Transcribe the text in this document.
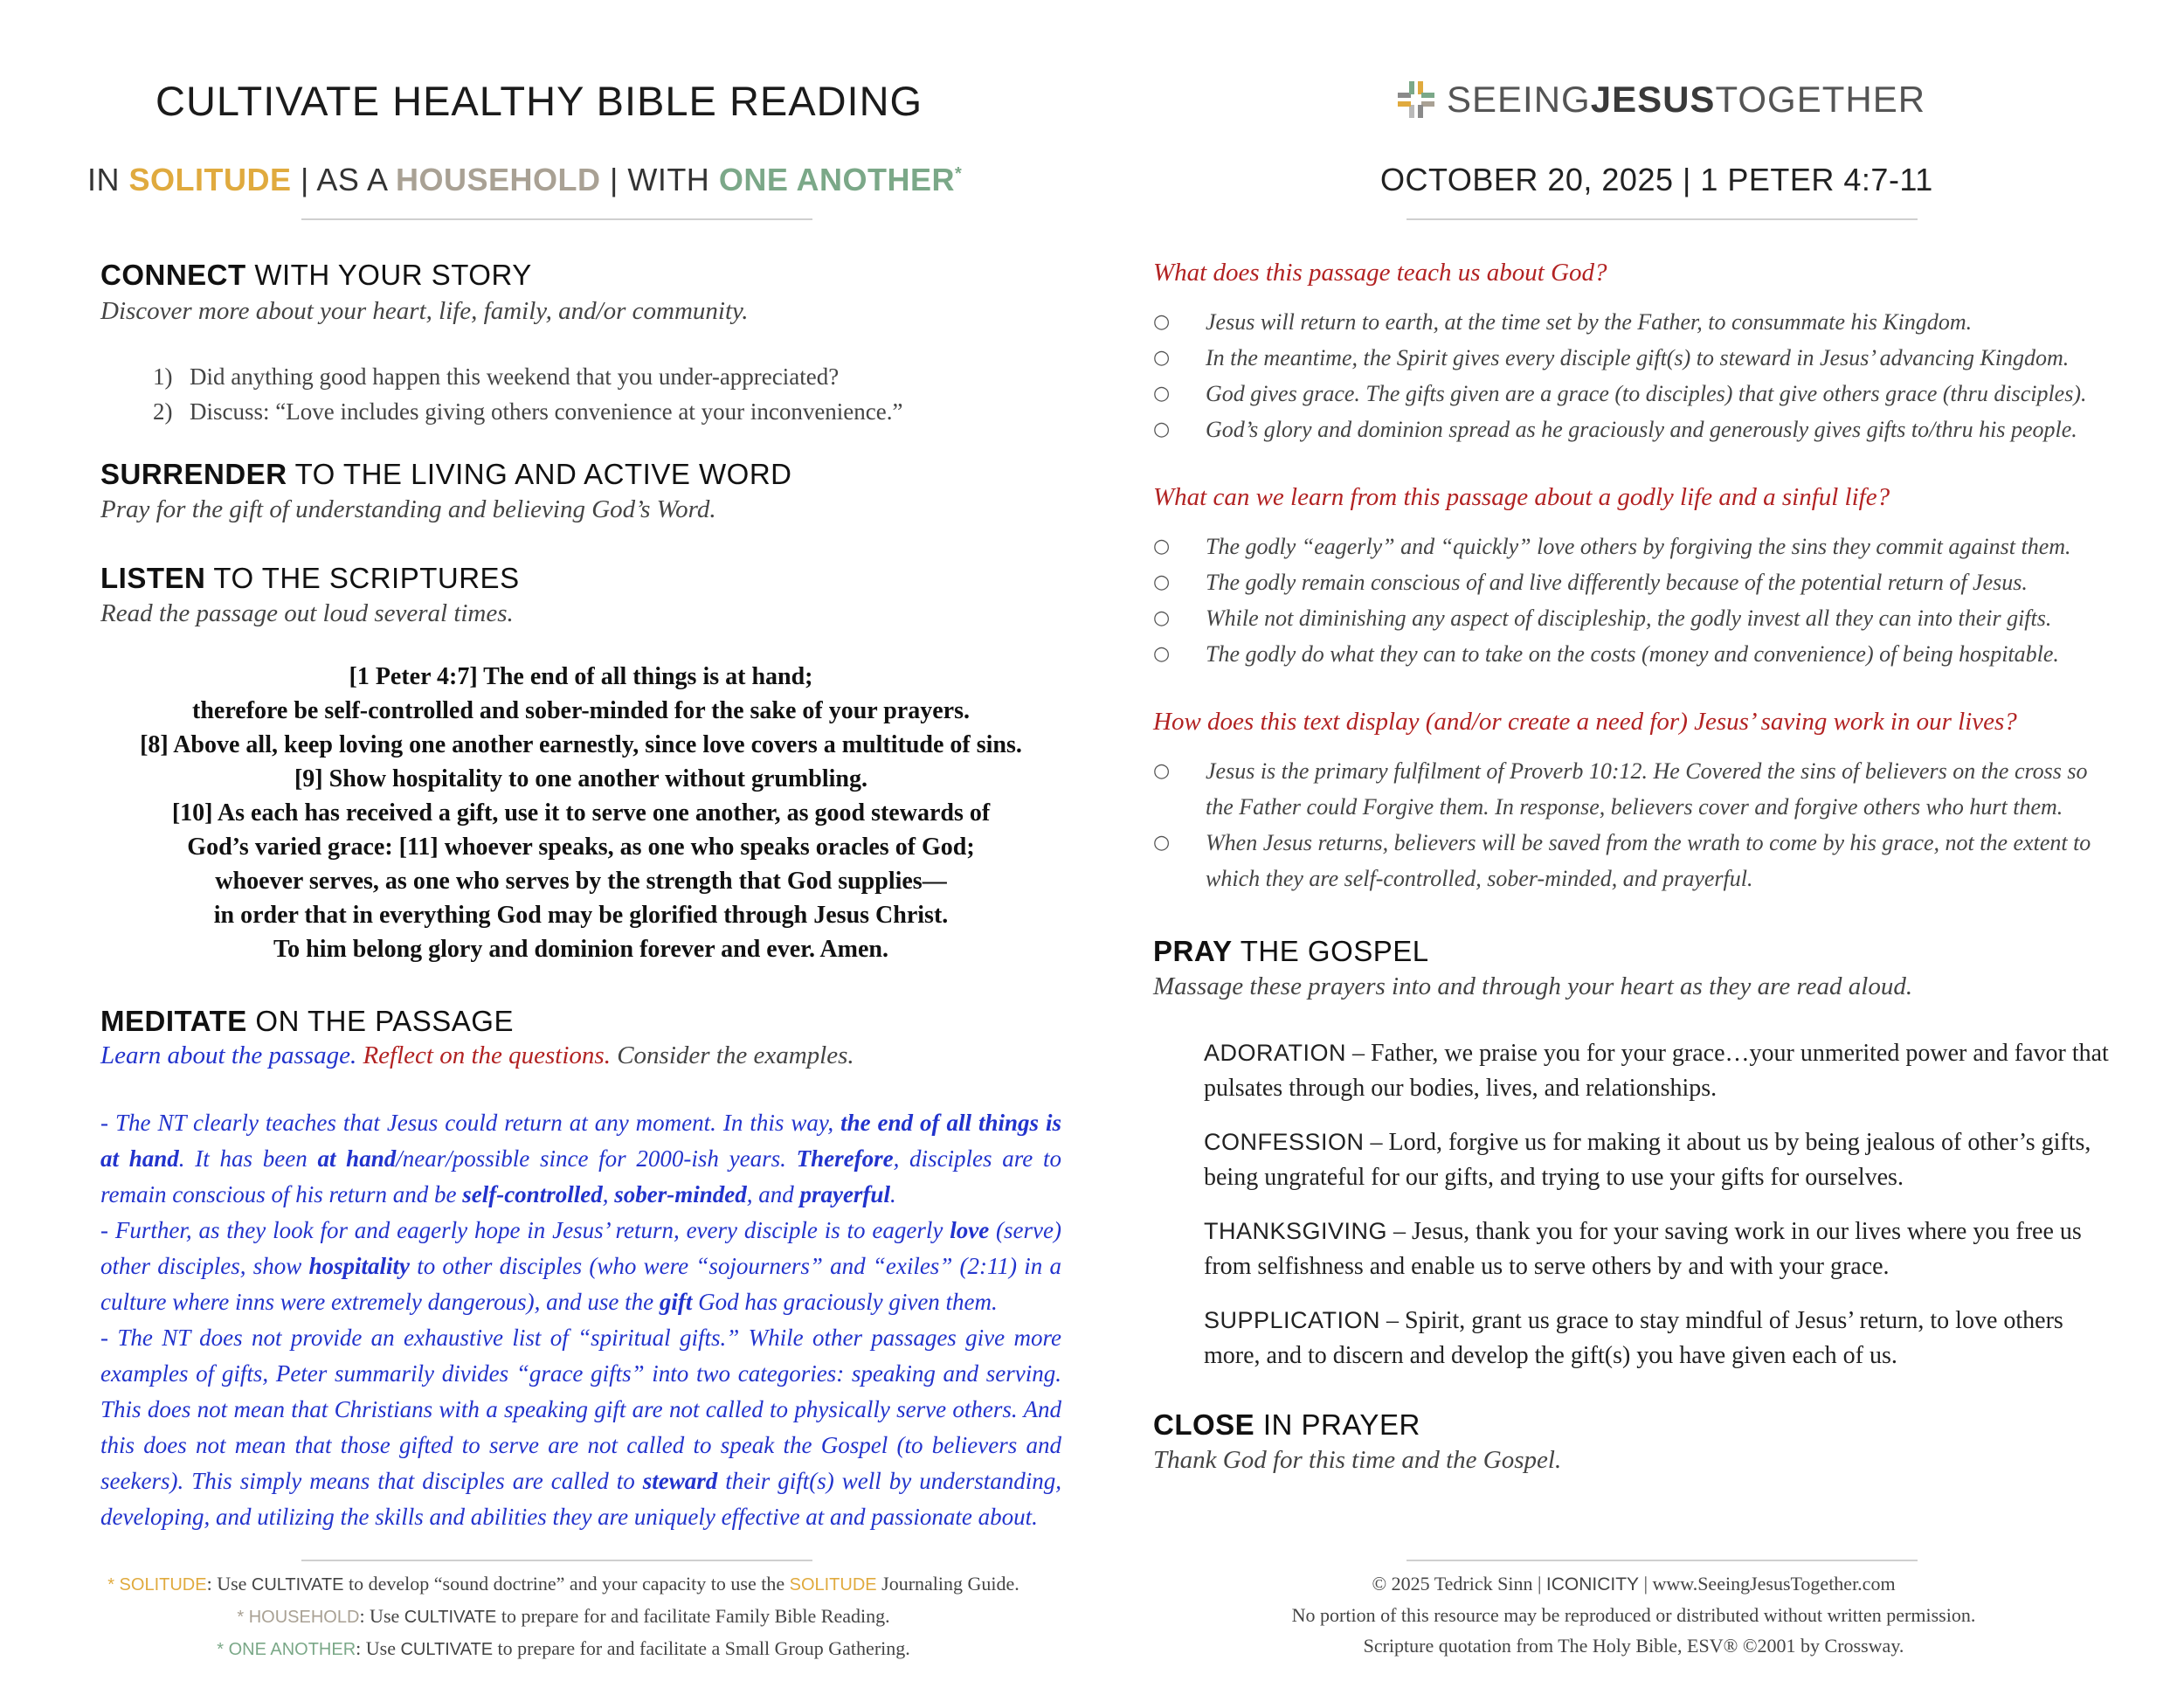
CULTIVATE HEALTHY BIBLE READING
IN SOLITUDE | AS A HOUSEHOLD | WITH ONE ANOTHER*
SEEINGJESUSTOGETHER
OCTOBER 20, 2025 | 1 PETER 4:7-11
CONNECT WITH YOUR STORY
Discover more about your heart, life, family, and/or community.
1) Did anything good happen this weekend that you under-appreciated?
2) Discuss: “Love includes giving others convenience at your inconvenience.”
SURRENDER TO THE LIVING AND ACTIVE WORD
Pray for the gift of understanding and believing God’s Word.
LISTEN TO THE SCRIPTURES
Read the passage out loud several times.
[1 Peter 4:7] The end of all things is at hand;
therefore be self-controlled and sober-minded for the sake of your prayers.
[8] Above all, keep loving one another earnestly, since love covers a multitude of sins.
[9] Show hospitality to one another without grumbling.
[10] As each has received a gift, use it to serve one another, as good stewards of
God’s varied grace: [11] whoever speaks, as one who speaks oracles of God;
whoever serves, as one who serves by the strength that God supplies—
in order that in everything God may be glorified through Jesus Christ.
To him belong glory and dominion forever and ever. Amen.
MEDITATE ON THE PASSAGE
Learn about the passage. Reflect on the questions. Consider the examples.
- The NT clearly teaches that Jesus could return at any moment. In this way, the end of all things is at hand. It has been at hand/near/possible since for 2000-ish years. Therefore, disciples are to remain conscious of his return and be self-controlled, sober-minded, and prayerful.
- Further, as they look for and eagerly hope in Jesus’ return, every disciple is to eagerly love (serve) other disciples, show hospitality to other disciples (who were “sojourners” and “exiles” (2:11) in a culture where inns were extremely dangerous), and use the gift God has graciously given them.
- The NT does not provide an exhaustive list of “spiritual gifts.” While other passages give more examples of gifts, Peter summarily divides “grace gifts” into two categories: speaking and serving. This does not mean that Christians with a speaking gift are not called to physically serve others. And this does not mean that those gifted to serve are not called to speak the Gospel (to believers and seekers). This simply means that disciples are called to steward their gift(s) well by understanding, developing, and utilizing the skills and abilities they are uniquely effective at and passionate about.
* SOLITUDE: Use CULTIVATE to develop “sound doctrine” and your capacity to use the SOLITUDE Journaling Guide.
* HOUSEHOLD: Use CULTIVATE to prepare for and facilitate Family Bible Reading.
* ONE ANOTHER: Use CULTIVATE to prepare for and facilitate a Small Group Gathering.
What does this passage teach us about God?
○	Jesus will return to earth, at the time set by the Father, to consummate his Kingdom.
○	In the meantime, the Spirit gives every disciple gift(s) to steward in Jesus’ advancing Kingdom.
○	God gives grace. The gifts given are a grace (to disciples) that give others grace (thru disciples).
○	God’s glory and dominion spread as he graciously and generously gives gifts to/thru his people.
What can we learn from this passage about a godly life and a sinful life?
○	The godly “eagerly” and “quickly” love others by forgiving the sins they commit against them.
○	The godly remain conscious of and live differently because of the potential return of Jesus.
○	While not diminishing any aspect of discipleship, the godly invest all they can into their gifts.
○	The godly do what they can to take on the costs (money and convenience) of being hospitable.
How does this text display (and/or create a need for) Jesus’ saving work in our lives?
○	Jesus is the primary fulfilment of Proverb 10:12. He Covered the sins of believers on the cross so the Father could Forgive them. In response, believers cover and forgive others who hurt them.
○	When Jesus returns, believers will be saved from the wrath to come by his grace, not the extent to which they are self-controlled, sober-minded, and prayerful.
PRAY THE GOSPEL
Massage these prayers into and through your heart as they are read aloud.

ADORATION – Father, we praise you for your grace…your unmerited power and favor that pulsates through our bodies, lives, and relationships.

CONFESSION – Lord, forgive us for making it about us by being jealous of other’s gifts, being ungrateful for our gifts, and trying to use your gifts for ourselves.

THANKSGIVING – Jesus, thank you for your saving work in our lives where you free us from selfishness and enable us to serve others by and with your grace.

SUPPLICATION – Spirit, grant us grace to stay mindful of Jesus’ return, to love others more, and to discern and develop the gift(s) you have given each of us.

CLOSE IN PRAYER
Thank God for this time and the Gospel.
© 2025 Tedrick Sinn | ICONICITY | www.SeeingJesusTogether.com
No portion of this resource may be reproduced or distributed without written permission.
Scripture quotation from The Holy Bible, ESV® ©2001 by Crossway.
